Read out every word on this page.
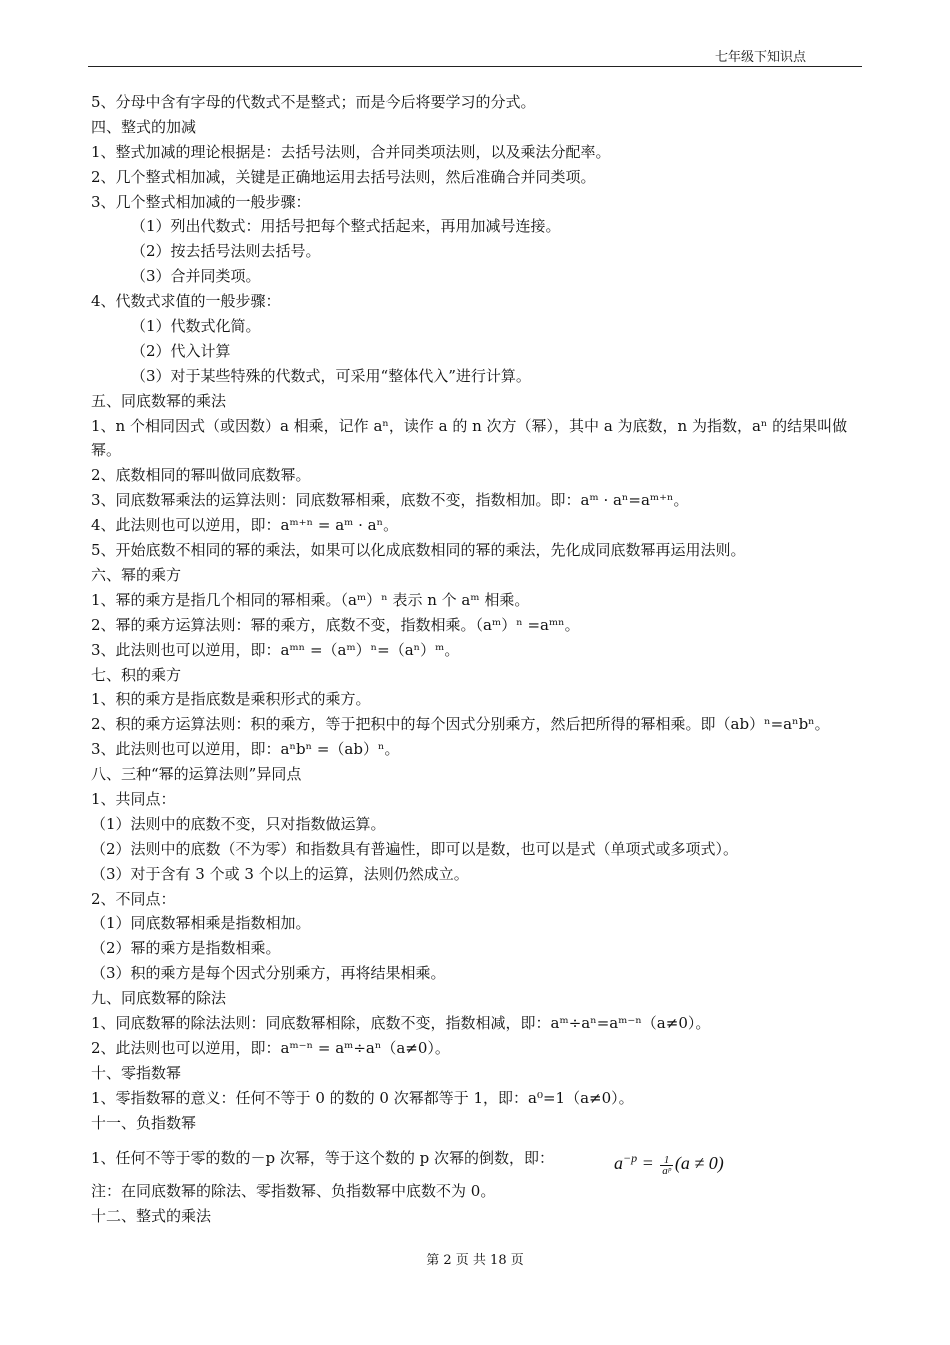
七年级下知识点
5、分母中含有字母的代数式不是整式；而是今后将要学习的分式。
四、整式的加减
1、整式加减的理论根据是：去括号法则，合并同类项法则，以及乘法分配率。
2、几个整式相加减，关键是正确地运用去括号法则，然后准确合并同类项。
3、几个整式相加减的一般步骤：
（1）列出代数式：用括号把每个整式括起来，再用加减号连接。
（2）按去括号法则去括号。
（3）合并同类项。
4、代数式求值的一般步骤：
（1）代数式化简。
（2）代入计算
（3）对于某些特殊的代数式，可采用“整体代入”进行计算。
五、同底数幂的乘法
1、n 个相同因式（或因数）a 相乘，记作 aⁿ，读作 a 的 n 次方（幂），其中 a 为底数，n 为指数，aⁿ 的结果叫做幂。
2、底数相同的幂叫做同底数幂。
3、同底数幂乘法的运算法则：同底数幂相乘，底数不变，指数相加。即：aᵐ · aⁿ=aᵐ⁺ⁿ。
4、此法则也可以逆用，即：aᵐ⁺ⁿ = aᵐ · aⁿ。
5、开始底数不相同的幂的乘法，如果可以化成底数相同的幂的乘法，先化成同底数幂再运用法则。
六、幂的乘方
1、幂的乘方是指几个相同的幂相乘。（aᵐ）ⁿ 表示 n 个 aᵐ 相乘。
2、幂的乘方运算法则：幂的乘方，底数不变，指数相乘。（aᵐ）ⁿ =aᵐⁿ。
3、此法则也可以逆用，即：aᵐⁿ =（aᵐ）ⁿ=（aⁿ）ᵐ。
七、积的乘方
1、积的乘方是指底数是乘积形式的乘方。
2、积的乘方运算法则：积的乘方，等于把积中的每个因式分别乘方，然后把所得的幂相乘。即（ab）ⁿ=aⁿbⁿ。
3、此法则也可以逆用，即：aⁿbⁿ =（ab）ⁿ。
八、三种“幂的运算法则”异同点
1、共同点：
（1）法则中的底数不变，只对指数做运算。
（2）法则中的底数（不为零）和指数具有普遍性，即可以是数，也可以是式（单项式或多项式）。
（3）对于含有 3 个或 3 个以上的运算，法则仍然成立。
2、不同点：
（1）同底数幂相乘是指数相加。
（2）幂的乘方是指数相乘。
（3）积的乘方是每个因式分别乘方，再将结果相乘。
九、同底数幂的除法
1、同底数幂的除法法则：同底数幂相除，底数不变，指数相减，即：aᵐ÷aⁿ=aᵐ⁻ⁿ（a≠0）。
2、此法则也可以逆用，即：aᵐ⁻ⁿ = aᵐ÷aⁿ（a≠0）。
十、零指数幂
1、零指数幂的意义：任何不等于 0 的数的 0 次幂都等于 1，即：a⁰=1（a≠0）。
十一、负指数幂
1、任何不等于零的数的－p 次幂，等于这个数的 p 次幂的倒数，即：	$a^{-p} = \frac{1}{\text{aᵖ}} (a \ne 0)$
注：在同底数幂的除法、零指数幂、负指数幂中底数不为 0。
十二、整式的乘法
第 2 页 共 18 页
